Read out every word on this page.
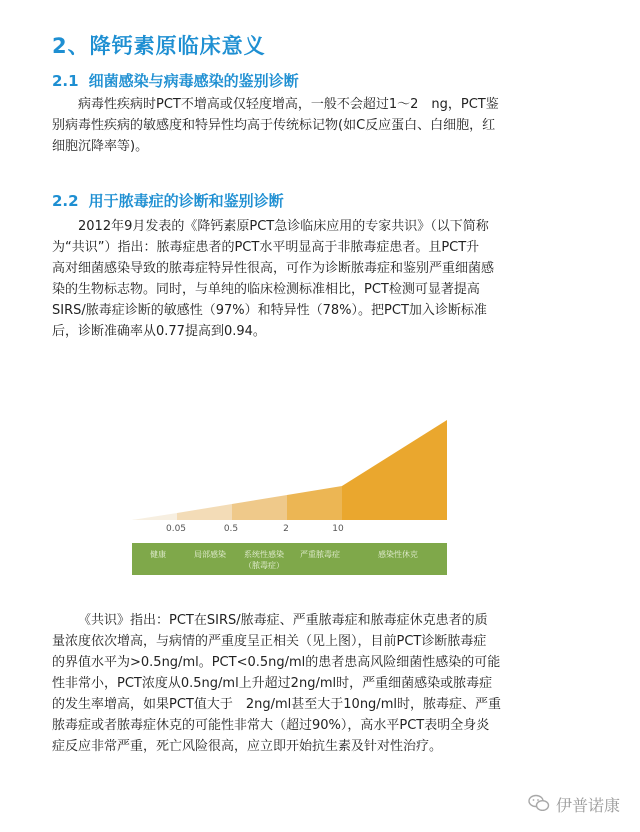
2、降钙素原临床意义
2.1 细菌感染与病毒感染的鉴别诊断
病毒性疾病时PCT不增高或仅轻度增高，一般不会超过1～2　ng，PCT鉴
别病毒性疾病的敏感度和特异性均高于传统标记物(如C反应蛋白、白细胞，红
细胞沉降率等)。
2.2 用于脓毒症的诊断和鉴别诊断
2012年9月发表的《降钙素原PCT急诊临床应用的专家共识》（以下简称
为“共识”）指出：脓毒症患者的PCT水平明显高于非脓毒症患者。且PCT升
高对细菌感染导致的脓毒症特异性很高，可作为诊断脓毒症和鉴别严重细菌感
染的生物标志物。同时，与单纯的临床检测标准相比，PCT检测可显著提高
SIRS/脓毒症诊断的敏感性（97%）和特异性（78%）。把PCT加入诊断标准
后，诊断准确率从0.77提高到0.94。
0.05	0.5	2	10
健康	局部感染 系统性感染
（脓毒症）
严重脓毒症	感染性休克
《共识》指出：PCT在SIRS/脓毒症、严重脓毒症和脓毒症休克患者的质
量浓度依次增高，与病情的严重度呈正相关（见上图），目前PCT诊断脓毒症
的界值水平为>0.5ng/ml。PCT<0.5ng/ml的患者患高风险细菌性感染的可能
性非常小，PCT浓度从0.5ng/ml上升超过2ng/ml时，严重细菌感染或脓毒症
的发生率增高，如果PCT值大于　2ng/ml甚至大于10ng/ml时，脓毒症、严重
脓毒症或者脓毒症休克的可能性非常大（超过90%），高水平PCT表明全身炎
症反应非常严重，死亡风险很高，应立即开始抗生素及针对性治疗。
伊普诺康
